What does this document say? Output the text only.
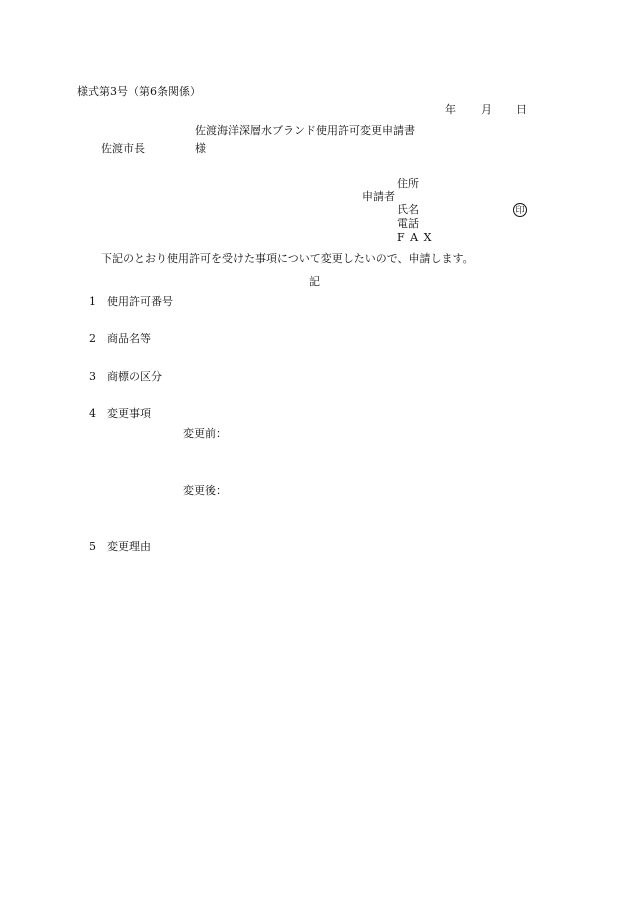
様式第3号（第6条関係）
年 月 日
佐渡海洋深層水ブランド使用許可変更申請書
佐渡市長	様
住所
申請者
氏名	印
電話
F A X
下記のとおり使用許可を受けた事項について変更したいので、申請します。
記
1 使用許可番号
2 商品名等
3 商標の区分
4 変更事項
変更前：
変更後：
5 変更理由
